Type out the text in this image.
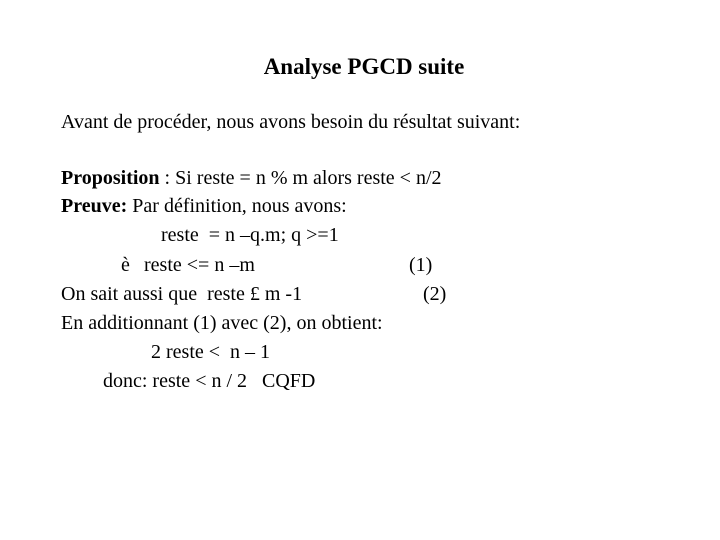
Analyse PGCD suite
Avant de procéder, nous avons besoin du résultat suivant:
Proposition : Si reste = n % m alors reste < n/2
Preuve: Par définition, nous avons:
reste  = n –q.m; q >=1
è reste <= n –m	(1)
On sait aussi que  reste £ m -1	(2)
En additionnant (1) avec (2), on obtient:
2 reste <  n – 1
donc: reste < n / 2   CQFD
